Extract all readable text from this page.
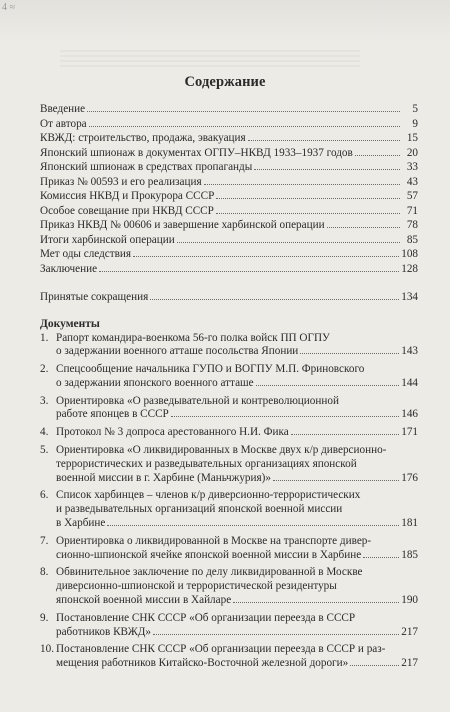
4 ≈
Содержание
Введение	5
От автора	9
КВЖД: строительство, продажа, эвакуация	15
Японский шпионаж в документах ОГПУ–НКВД 1933–1937 годов	20
Японский шпионаж в средствах пропаганды	33
Приказ № 00593 и его реализация	43
Комиссия НКВД и Прокурора СССР	57
Особое совещание при НКВД СССР	71
Приказ НКВД № 00606 и завершение харбинской операции	78
Итоги харбинской операции	85
Мет оды следствия	108
Заключение	128
Принятые сокращения	134
Документы
1. Рапорт командира-военкома 56-го полка войск ПП ОГПУ
о задержании военного атташе посольства Японии	143
2. Спецсообщение начальника ГУПО и ВОГПУ М.П. Фриновского
о задержании японского военного атташе	144
3. Ориентировка «О разведывательной и контреволюционной
работе японцев в СССР	146
4. Протокол № 3 допроса арестованного Н.И. Фика	171
5. Ориентировка «О ликвидированных в Москве двух к/р диверсионно-
террористических и разведывательных организациях японской
военной миссии в г. Харбине (Маньчжурия)»	176
6. Список харбинцев – членов к/р диверсионно-террористических
и разведывательных организаций японской военной миссии
в Харбине	181
7. Ориентировка о ликвидированной в Москве на транспорте дивер-
сионно-шпионской ячейке японской военной миссии в Харбине	185
8. Обвинительное заключение по делу ликвидированной в Москве
диверсионно-шпионской и террористической резидентуры
японской военной миссии в Хайларе	190
9. Постановление СНК СССР «Об организации переезда в СССР
работников КВЖД»	217
10. Постановление СНК СССР «Об организации переезда в СССР и раз-
мещения работников Китайско-Восточной железной дороги»	217
